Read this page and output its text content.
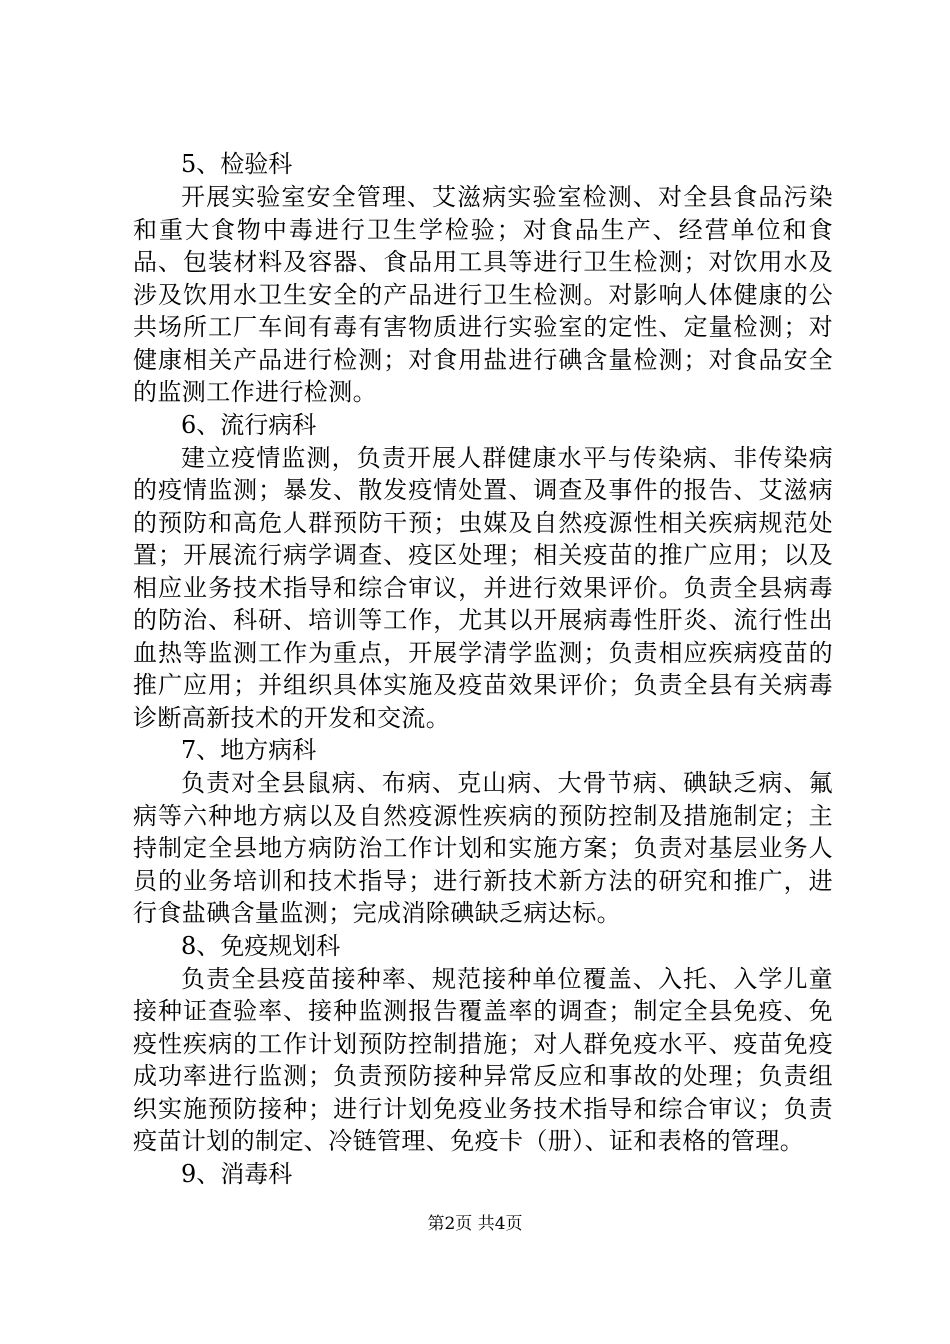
5、检验科

开展实验室安全管理、艾滋病实验室检测、对全县食品污染和重大食物中毒进行卫生学检验；对食品生产、经营单位和食品、包装材料及容器、食品用工具等进行卫生检测；对饮用水及涉及饮用水卫生安全的产品进行卫生检测。对影响人体健康的公共场所工厂车间有毒有害物质进行实验室的定性、定量检测；对健康相关产品进行检测；对食用盐进行碘含量检测；对食品安全的监测工作进行检测。

6、流行病科

建立疫情监测，负责开展人群健康水平与传染病、非传染病的疫情监测；暴发、散发疫情处置、调查及事件的报告、艾滋病的预防和高危人群预防干预；虫媒及自然疫源性相关疾病规范处置；开展流行病学调查、疫区处理；相关疫苗的推广应用；以及相应业务技术指导和综合审议，并进行效果评价。负责全县病毒的防治、科研、培训等工作，尤其以开展病毒性肝炎、流行性出血热等监测工作为重点，开展学清学监测；负责相应疾病疫苗的推广应用；并组织具体实施及疫苗效果评价；负责全县有关病毒诊断高新技术的开发和交流。

7、地方病科

负责对全县鼠病、布病、克山病、大骨节病、碘缺乏病、氟病等六种地方病以及自然疫源性疾病的预防控制及措施制定；主持制定全县地方病防治工作计划和实施方案；负责对基层业务人员的业务培训和技术指导；进行新技术新方法的研究和推广，进行食盐碘含量监测；完成消除碘缺乏病达标。

8、免疫规划科

负责全县疫苗接种率、规范接种单位覆盖、入托、入学儿童接种证查验率、接种监测报告覆盖率的调查；制定全县免疫、免疫性疾病的工作计划预防控制措施；对人群免疫水平、疫苗免疫成功率进行监测；负责预防接种异常反应和事故的处理；负责组织实施预防接种；进行计划免疫业务技术指导和综合审议；负责疫苗计划的制定、冷链管理、免疫卡（册）、证和表格的管理。

9、消毒科
第2页 共4页
